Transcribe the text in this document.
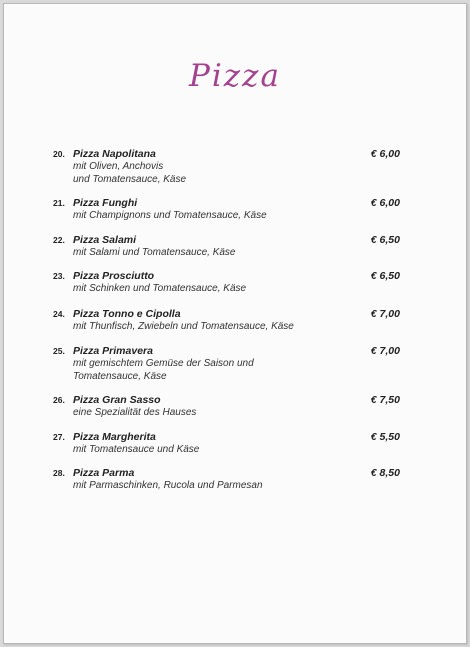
Pizza
20. Pizza Napolitana	€ 6,00
mit Oliven, Anchovis
und Tomatensauce, Käse
21. Pizza Funghi	€ 6,00
mit Champignons und Tomatensauce, Käse
22. Pizza Salami	€ 6,50
mit Salami und Tomatensauce, Käse
23. Pizza Prosciutto	€ 6,50
mit Schinken und Tomatensauce, Käse
24. Pizza Tonno e Cipolla	€ 7,00
mit Thunfisch, Zwiebeln und Tomatensauce, Käse
25. Pizza Primavera	€ 7,00
mit gemischtem Gemüse der Saison und
Tomatensauce, Käse
26. Pizza Gran Sasso	€ 7,50
eine Spezialität des Hauses
27. Pizza Margherita	€ 5,50
mit Tomatensauce und Käse
28. Pizza Parma	€ 8,50
mit Parmaschinken, Rucola und Parmesan
